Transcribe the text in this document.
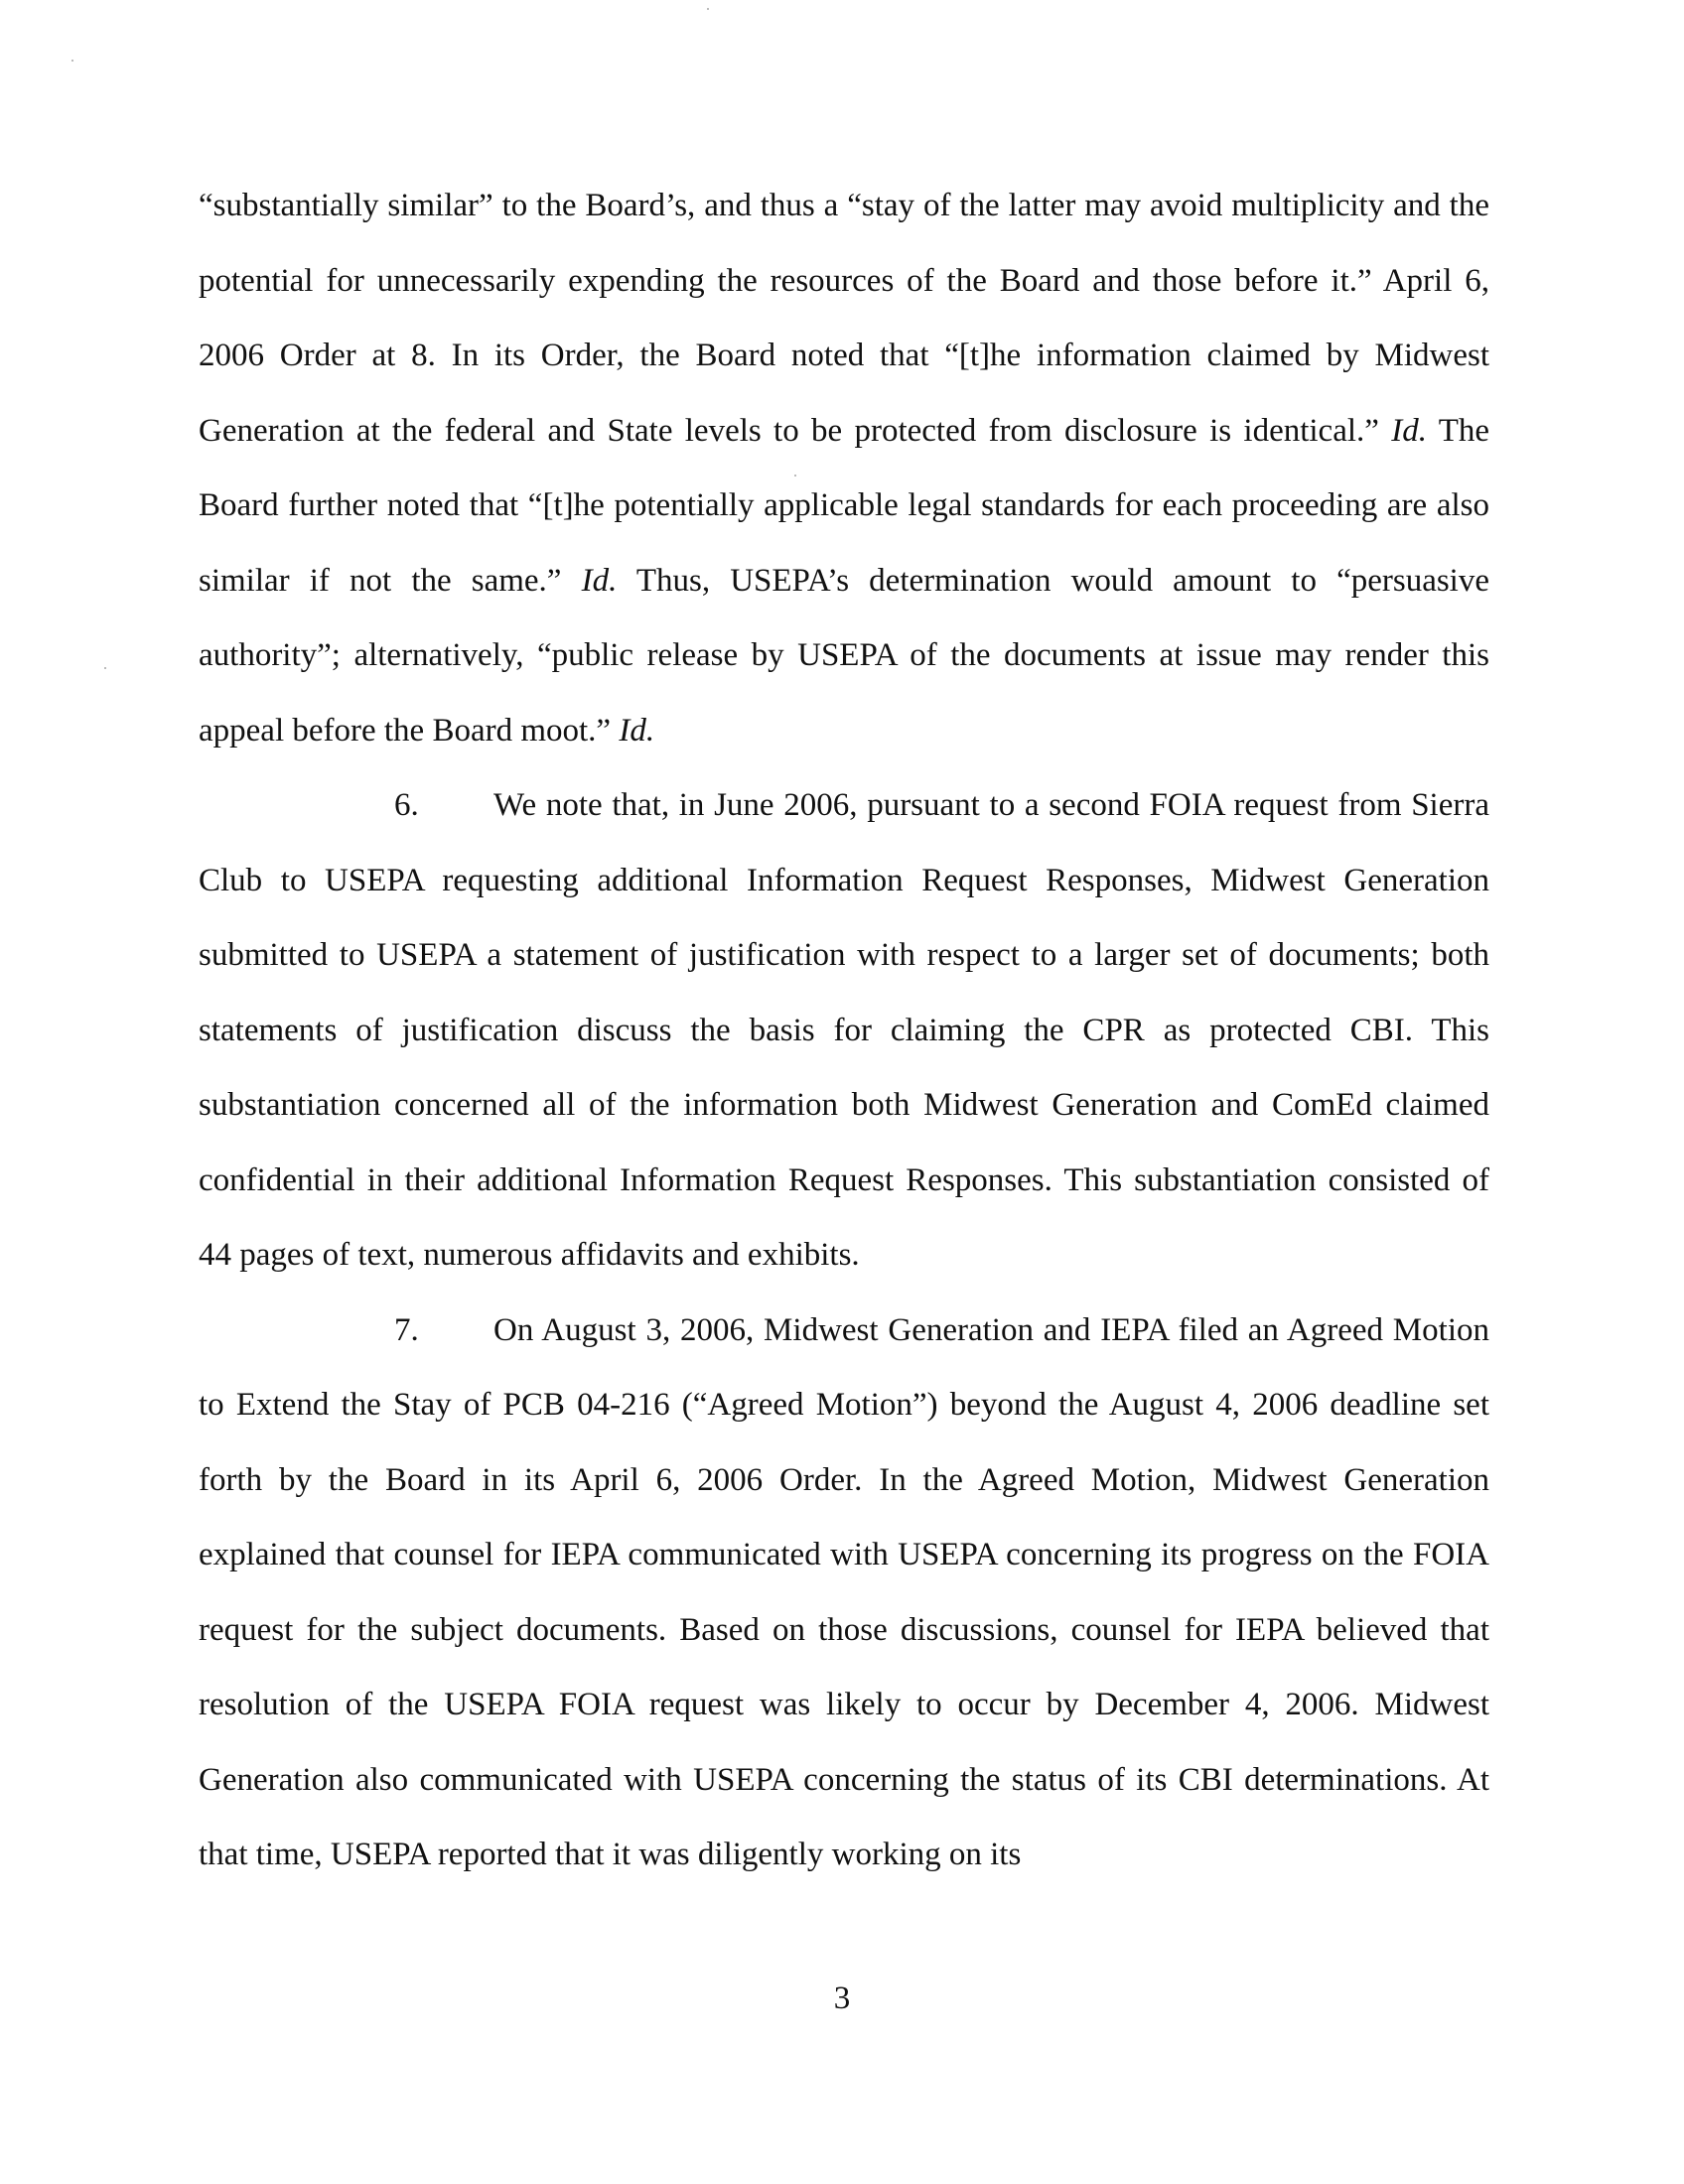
“substantially similar” to the Board’s, and thus a “stay of the latter may avoid multiplicity and the potential for unnecessarily expending the resources of the Board and those before it.” April 6, 2006 Order at 8. In its Order, the Board noted that “[t]he information claimed by Midwest Generation at the federal and State levels to be protected from disclosure is identical.” Id. The Board further noted that “[t]he potentially applicable legal standards for each proceeding are also similar if not the same.” Id. Thus, USEPA’s determination would amount to “persuasive authority”; alternatively, “public release by USEPA of the documents at issue may render this appeal before the Board moot.” Id.

6. We note that, in June 2006, pursuant to a second FOIA request from Sierra Club to USEPA requesting additional Information Request Responses, Midwest Generation submitted to USEPA a statement of justification with respect to a larger set of documents; both statements of justification discuss the basis for claiming the CPR as protected CBI. This substantiation concerned all of the information both Midwest Generation and ComEd claimed confidential in their additional Information Request Responses. This substantiation consisted of 44 pages of text, numerous affidavits and exhibits.

7. On August 3, 2006, Midwest Generation and IEPA filed an Agreed Motion to Extend the Stay of PCB 04-216 (“Agreed Motion”) beyond the August 4, 2006 deadline set forth by the Board in its April 6, 2006 Order. In the Agreed Motion, Midwest Generation explained that counsel for IEPA communicated with USEPA concerning its progress on the FOIA request for the subject documents. Based on those discussions, counsel for IEPA believed that resolution of the USEPA FOIA request was likely to occur by December 4, 2006. Midwest Generation also communicated with USEPA concerning the status of its CBI determinations. At that time, USEPA reported that it was diligently working on its

3
